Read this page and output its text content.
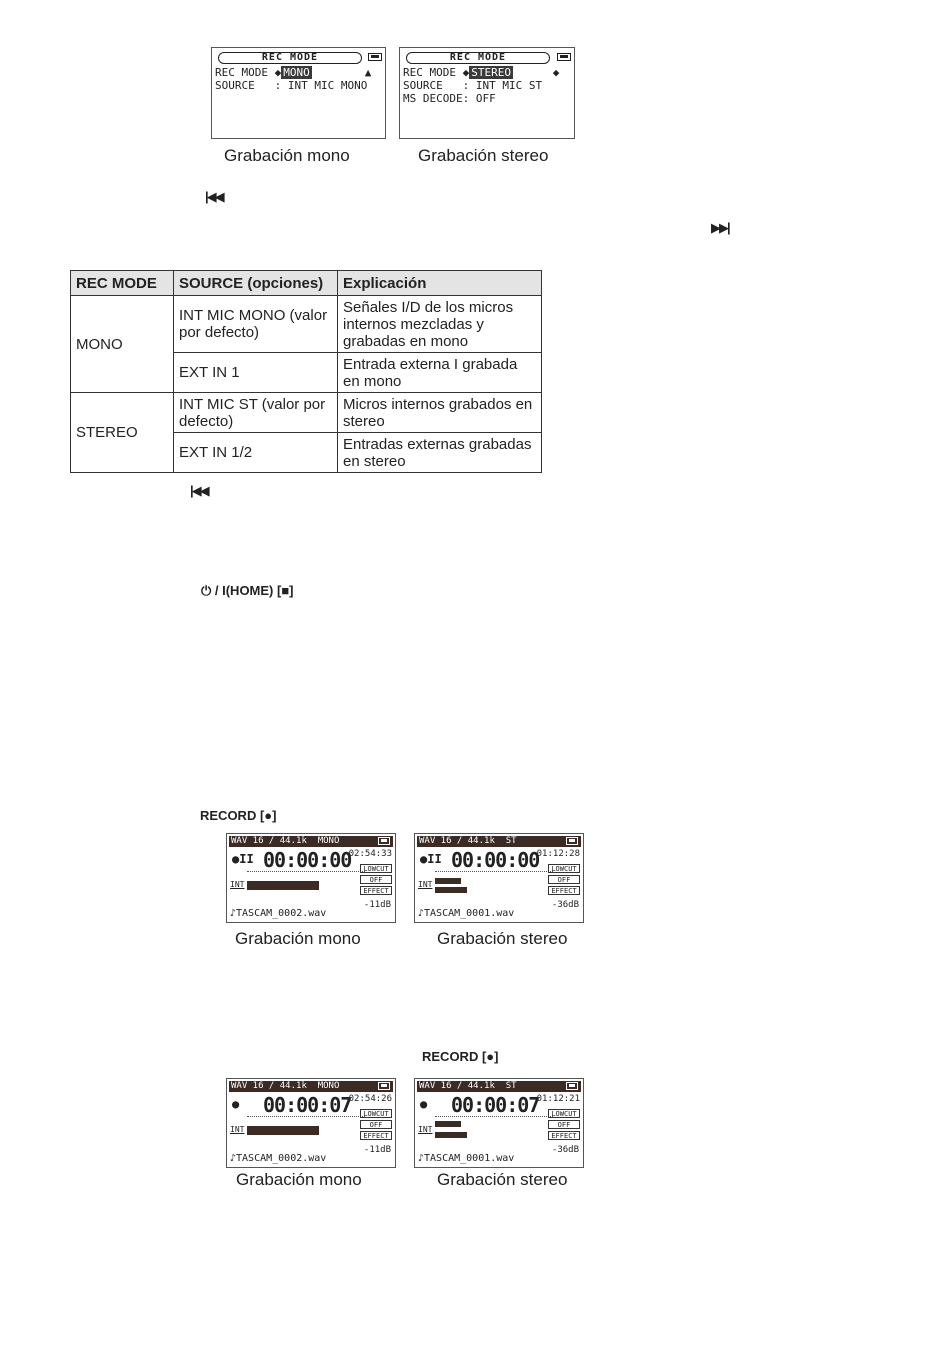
REC MODE
REC MODE ◆ MONO        ▲
SOURCE   : INT MIC MONO
REC MODE
REC MODE ◆ STEREO      ◆
SOURCE   : INT MIC ST
MS DECODE: OFF
Grabación mono	Grabación stereo
|◀◀
▶▶|
REC MODE	SOURCE (opciones)	Explicación
MONO	INT MIC MONO (valor por defecto)	Señales I/D de los micros internos mezcladas y grabadas en mono
	EXT IN 1	Entrada externa I grabada en mono
STEREO	INT MIC ST (valor por defecto)	Micros internos grabados en stereo
	EXT IN 1/2	Entradas externas grabadas en stereo
|◀◀
⏻ / I(HOME) [■]
RECORD [●]
WAV 16 / 44.1k  MONO
●II 00:00:00
02:54:33
INT
LOWCUT
OFF
EFFECT
-11dB
♪TASCAM_0002.wav
WAV 16 / 44.1k  ST
●II 00:00:00
01:12:28
INT
LOWCUT
OFF
EFFECT
-36dB
♪TASCAM_0001.wav
Grabación mono	Grabación stereo
RECORD [●]
WAV 16 / 44.1k  MONO
● 00:00:07
02:54:26
INT
LOWCUT
OFF
EFFECT
-11dB
♪TASCAM_0002.wav
WAV 16 / 44.1k  ST
● 00:00:07
01:12:21
INT
LOWCUT
OFF
EFFECT
-36dB
♪TASCAM_0001.wav
Grabación mono	Grabación stereo
